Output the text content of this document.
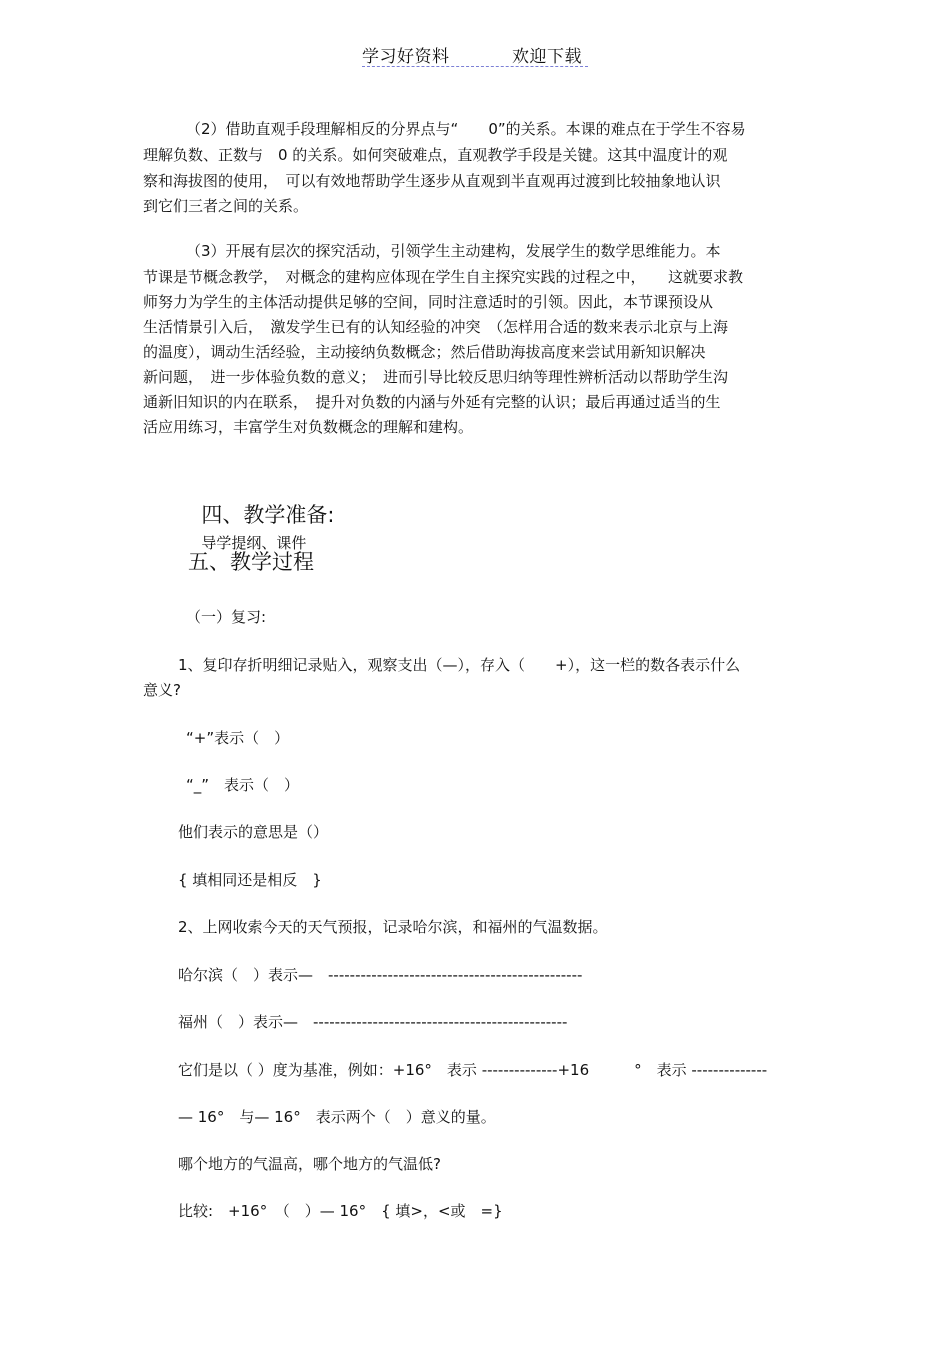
学习好资料	欢迎下载
（2）借助直观手段理解相反的分界点与“　　0”的关系。本课的难点在于学生不容易
理解负数、正数与　0 的关系。如何突破难点，直观教学手段是关键。这其中温度计的观
察和海拔图的使用，　可以有效地帮助学生逐步从直观到半直观再过渡到比较抽象地认识
到它们三者之间的关系。
（3）开展有层次的探究活动，引领学生主动建构，发展学生的数学思维能力。本
节课是节概念教学，　对概念的建构应体现在学生自主探究实践的过程之中，　　这就要求教
师努力为学生的主体活动提供足够的空间，同时注意适时的引领。因此，本节课预设从
生活情景引入后，　激发学生已有的认知经验的冲突　（怎样用合适的数来表示北京与上海
的温度），调动生活经验，主动接纳负数概念；然后借助海拔高度来尝试用新知识解决
新问题，　进一步体验负数的意义；　进而引导比较反思归纳等理性辨析活动以帮助学生沟
通新旧知识的内在联系，　提升对负数的内涵与外延有完整的认识；最后再通过适当的生
活应用练习，丰富学生对负数概念的理解和建构。

四、教学准备:
导学提纲、课件

五、教学过程
（一）复习:
1、复印存折明细记录贴入，观察支出（—），存入（　　+），这一栏的数各表示什么
意义?
“+”表示（　）
“_”　表示（　）
他们表示的意思是（）
{ 填相同还是相反　}
2、上网收索今天的天气预报，记录哈尔滨，和福州的气温数据。
哈尔滨（　）表示—　-----------------------------------------------
福州（　）表示—　-----------------------------------------------
它们是以（ ）度为基准，例如：+16°　表示 --------------+16　　　°　表示 --------------
— 16°　与— 16°　表示两个（　）意义的量。
哪个地方的气温高，哪个地方的气温低?
比较:　+16°　（　）— 16°　{ 填>，<或　=}
